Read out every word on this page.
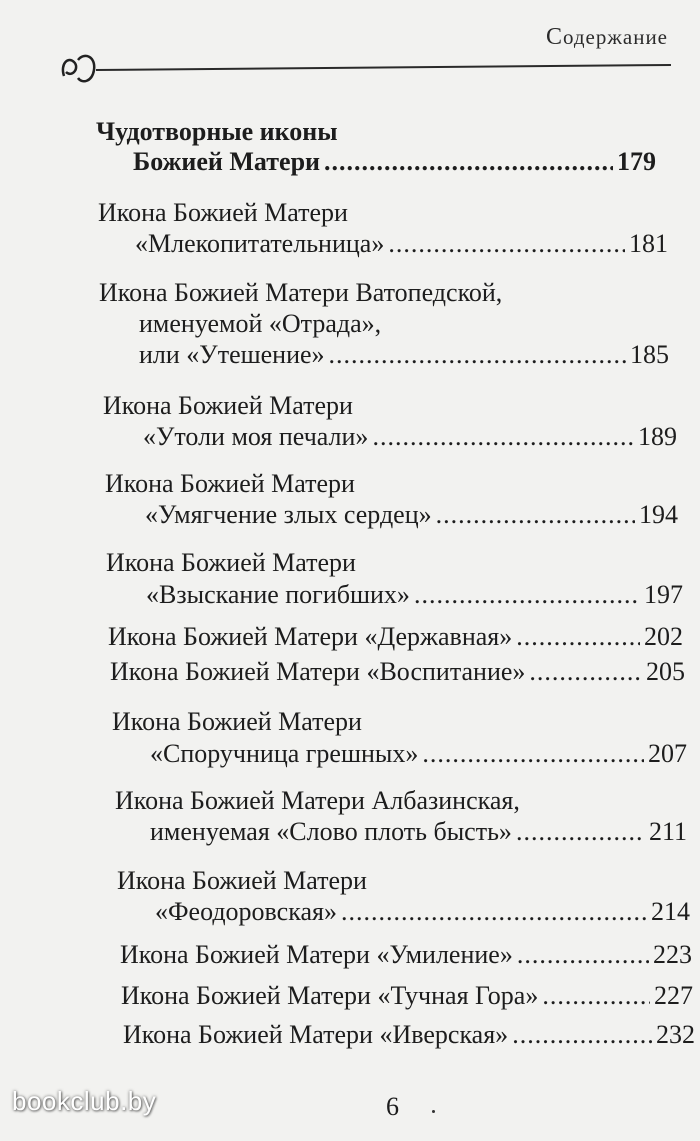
Содержание
Чудотворные иконы
Божией Матери .....	179
Икона Божией Матери
«Млекопитательница» .....	181
Икона Божией Матери Ватопедской,
именуемой «Отрада»,
или «Утешение» .....	185
Икона Божией Матери
«Утоли моя печали» .....	189
Икона Божией Матери
«Умягчение злых сердец» .....	194
Икона Божией Матери
«Взыскание погибших» .....	197
Икона Божией Матери «Державная» .....	202
Икона Божией Матери «Воспитание» .....	205
Икона Божией Матери
«Споручница грешных» .....	207
Икона Божией Матери Албазинская,
именуемая «Слово плоть бысть» .....	211
Икона Божией Матери
«Феодоровская» .....	214
Икона Божией Матери «Умиление» .....	223
Икона Божией Матери «Тучная Гора» .....	227
Икона Божией Матери «Иверская» .....	232
6
bookclub.by
